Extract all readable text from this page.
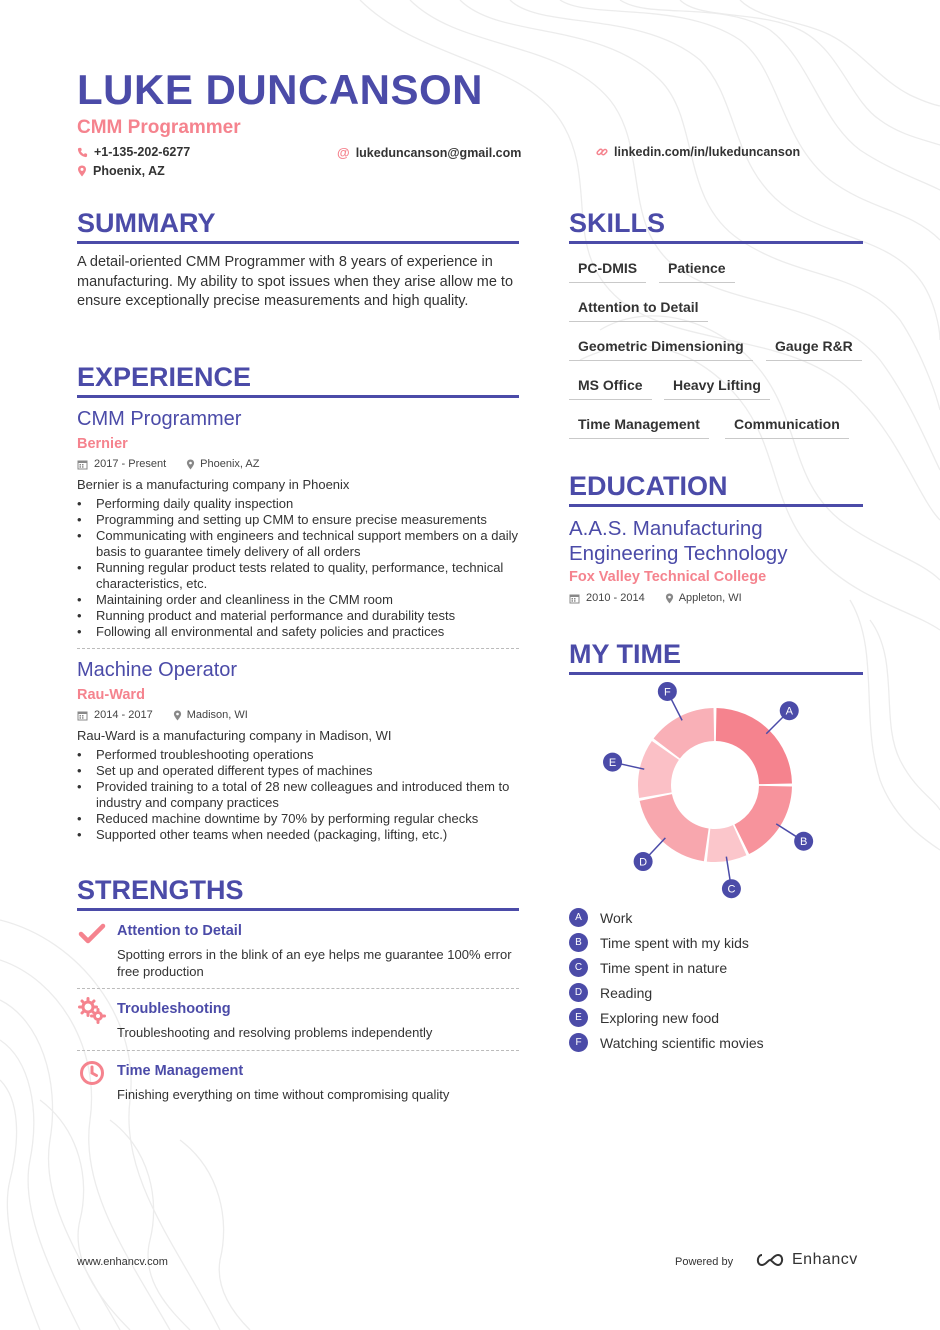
LUKE DUNCANSON
CMM Programmer
+1-135-202-6277	@ lukeduncanson@gmail.com	linkedin.com/in/lukeduncanson
Phoenix, AZ
SUMMARY
A detail-oriented CMM Programmer with 8 years of experience in manufacturing. My ability to spot issues when they arise allow me to ensure exceptionally precise measurements and high quality.
EXPERIENCE
CMM Programmer
Bernier
2017 - Present	Phoenix, AZ
Bernier is a manufacturing company in Phoenix
• Performing daily quality inspection
• Programming and setting up CMM to ensure precise measurements
• Communicating with engineers and technical support members on a daily basis to guarantee timely delivery of all orders
• Running regular product tests related to quality, performance, technical characteristics, etc.
• Maintaining order and cleanliness in the CMM room
• Running product and material performance and durability tests
• Following all environmental and safety policies and practices
Machine Operator
Rau-Ward
2014 - 2017	Madison, WI
Rau-Ward is a manufacturing company in Madison, WI
• Performed troubleshooting operations
• Set up and operated different types of machines
• Provided training to a total of 28 new colleagues and introduced them to industry and company practices
• Reduced machine downtime by 70% by performing regular checks
• Supported other teams when needed (packaging, lifting, etc.)
STRENGTHS
Attention to Detail
Spotting errors in the blink of an eye helps me guarantee 100% error free production
Troubleshooting
Troubleshooting and resolving problems independently
Time Management
Finishing everything on time without compromising quality
SKILLS
PC-DMIS	Patience
Attention to Detail
Geometric Dimensioning	Gauge R&R
MS Office	Heavy Lifting
Time Management	Communication
EDUCATION
A.A.S. Manufacturing Engineering Technology
Fox Valley Technical College
2010 - 2014	Appleton, WI
MY TIME
A
B
C
D
E
F
A	Work
B	Time spent with my kids
C	Time spent in nature
D	Reading
E	Exploring new food
F	Watching scientific movies
www.enhancv.com	Powered by	Enhancv
